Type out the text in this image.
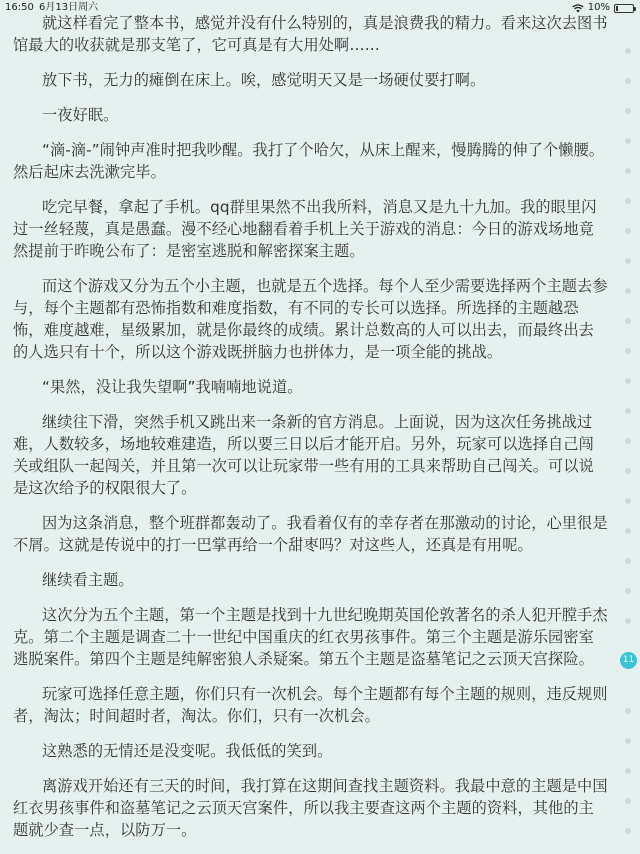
16:50 6月13日周六	10%

就这样看完了整本书，感觉并没有什么特别的，真是浪费我的精力。看来这次去图书馆最大的收获就是那支笔了，它可真是有大用处啊……

放下书，无力的瘫倒在床上。唉，感觉明天又是一场硬仗要打啊。

一夜好眠。

“滴-滴-”闹钟声准时把我吵醒。我打了个哈欠，从床上醒来，慢腾腾的伸了个懒腰。然后起床去洗漱完毕。

吃完早餐，拿起了手机。qq群里果然不出我所料，消息又是九十九加。我的眼里闪过一丝轻蔑，真是愚蠢。漫不经心地翻看着手机上关于游戏的消息：今日的游戏场地竟然提前于昨晚公布了：是密室逃脱和解密探案主题。

而这个游戏又分为五个小主题，也就是五个选择。每个人至少需要选择两个主题去参与，每个主题都有恐怖指数和难度指数，有不同的专长可以选择。所选择的主题越恐怖，难度越难，星级累加，就是你最终的成绩。累计总数高的人可以出去，而最终出去的人选只有十个，所以这个游戏既拼脑力也拼体力，是一项全能的挑战。

“果然，没让我失望啊”我喃喃地说道。

继续往下滑，突然手机又跳出来一条新的官方消息。上面说，因为这次任务挑战过难，人数较多，场地较难建造，所以要三日以后才能开启。另外，玩家可以选择自己闯关或组队一起闯关，并且第一次可以让玩家带一些有用的工具来帮助自己闯关。可以说是这次给予的权限很大了。

因为这条消息，整个班群都轰动了。我看着仅有的幸存者在那激动的讨论，心里很是不屑。这就是传说中的打一巴掌再给一个甜枣吗？对这些人，还真是有用呢。

继续看主题。

这次分为五个主题，第一个主题是找到十九世纪晚期英国伦敦著名的杀人犯开膛手杰克。第二个主题是调查二十一世纪中国重庆的红衣男孩事件。第三个主题是游乐园密室逃脱案件。第四个主题是纯解密狼人杀疑案。第五个主题是盗墓笔记之云顶天宫探险。

玩家可选择任意主题，你们只有一次机会。每个主题都有每个主题的规则，违反规则者，淘汰；时间超时者，淘汰。你们，只有一次机会。

这熟悉的无情还是没变呢。我低低的笑到。

离游戏开始还有三天的时间，我打算在这期间查找主题资料。我最中意的主题是中国红衣男孩事件和盗墓笔记之云顶天宫案件，所以我主要查这两个主题的资料，其他的主题就少查一点，以防万一。

11
